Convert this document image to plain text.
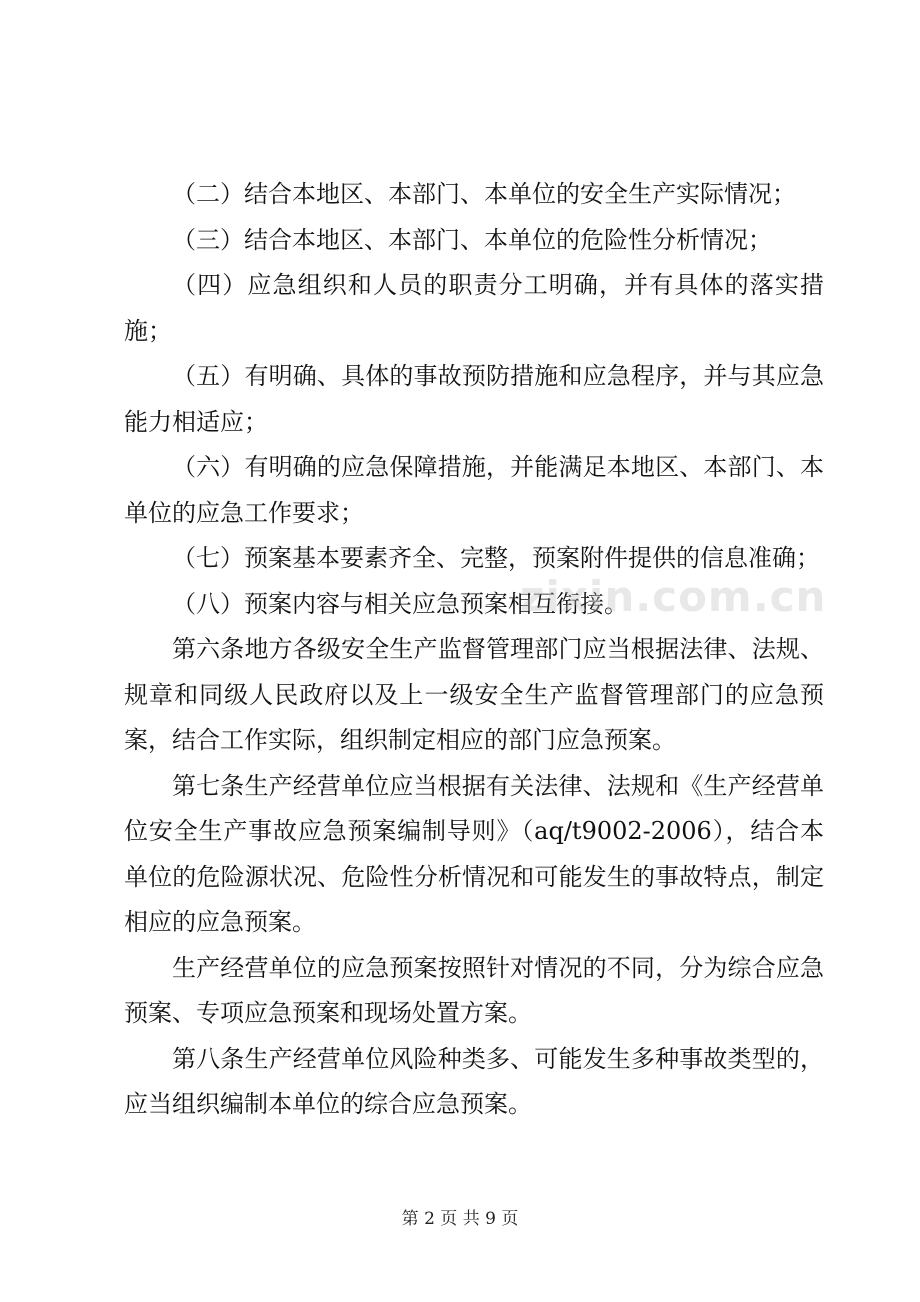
（二）结合本地区、本部门、本单位的安全生产实际情况；

（三）结合本地区、本部门、本单位的危险性分析情况；

（四）应急组织和人员的职责分工明确，并有具体的落实措施；

（五）有明确、具体的事故预防措施和应急程序，并与其应急能力相适应；

（六）有明确的应急保障措施，并能满足本地区、本部门、本单位的应急工作要求；

（七）预案基本要素齐全、完整，预案附件提供的信息准确；

（八）预案内容与相关应急预案相互衔接。

第六条地方各级安全生产监督管理部门应当根据法律、法规、规章和同级人民政府以及上一级安全生产监督管理部门的应急预案，结合工作实际，组织制定相应的部门应急预案。

第七条生产经营单位应当根据有关法律、法规和《生产经营单位安全生产事故应急预案编制导则》（aq/t9002-2006），结合本单位的危险源状况、危险性分析情况和可能发生的事故特点，制定相应的应急预案。

生产经营单位的应急预案按照针对情况的不同，分为综合应急预案、专项应急预案和现场处置方案。

第八条生产经营单位风险种类多、可能发生多种事故类型的，应当组织编制本单位的综合应急预案。

zixin.com.cn
第 2 页 共 9 页
